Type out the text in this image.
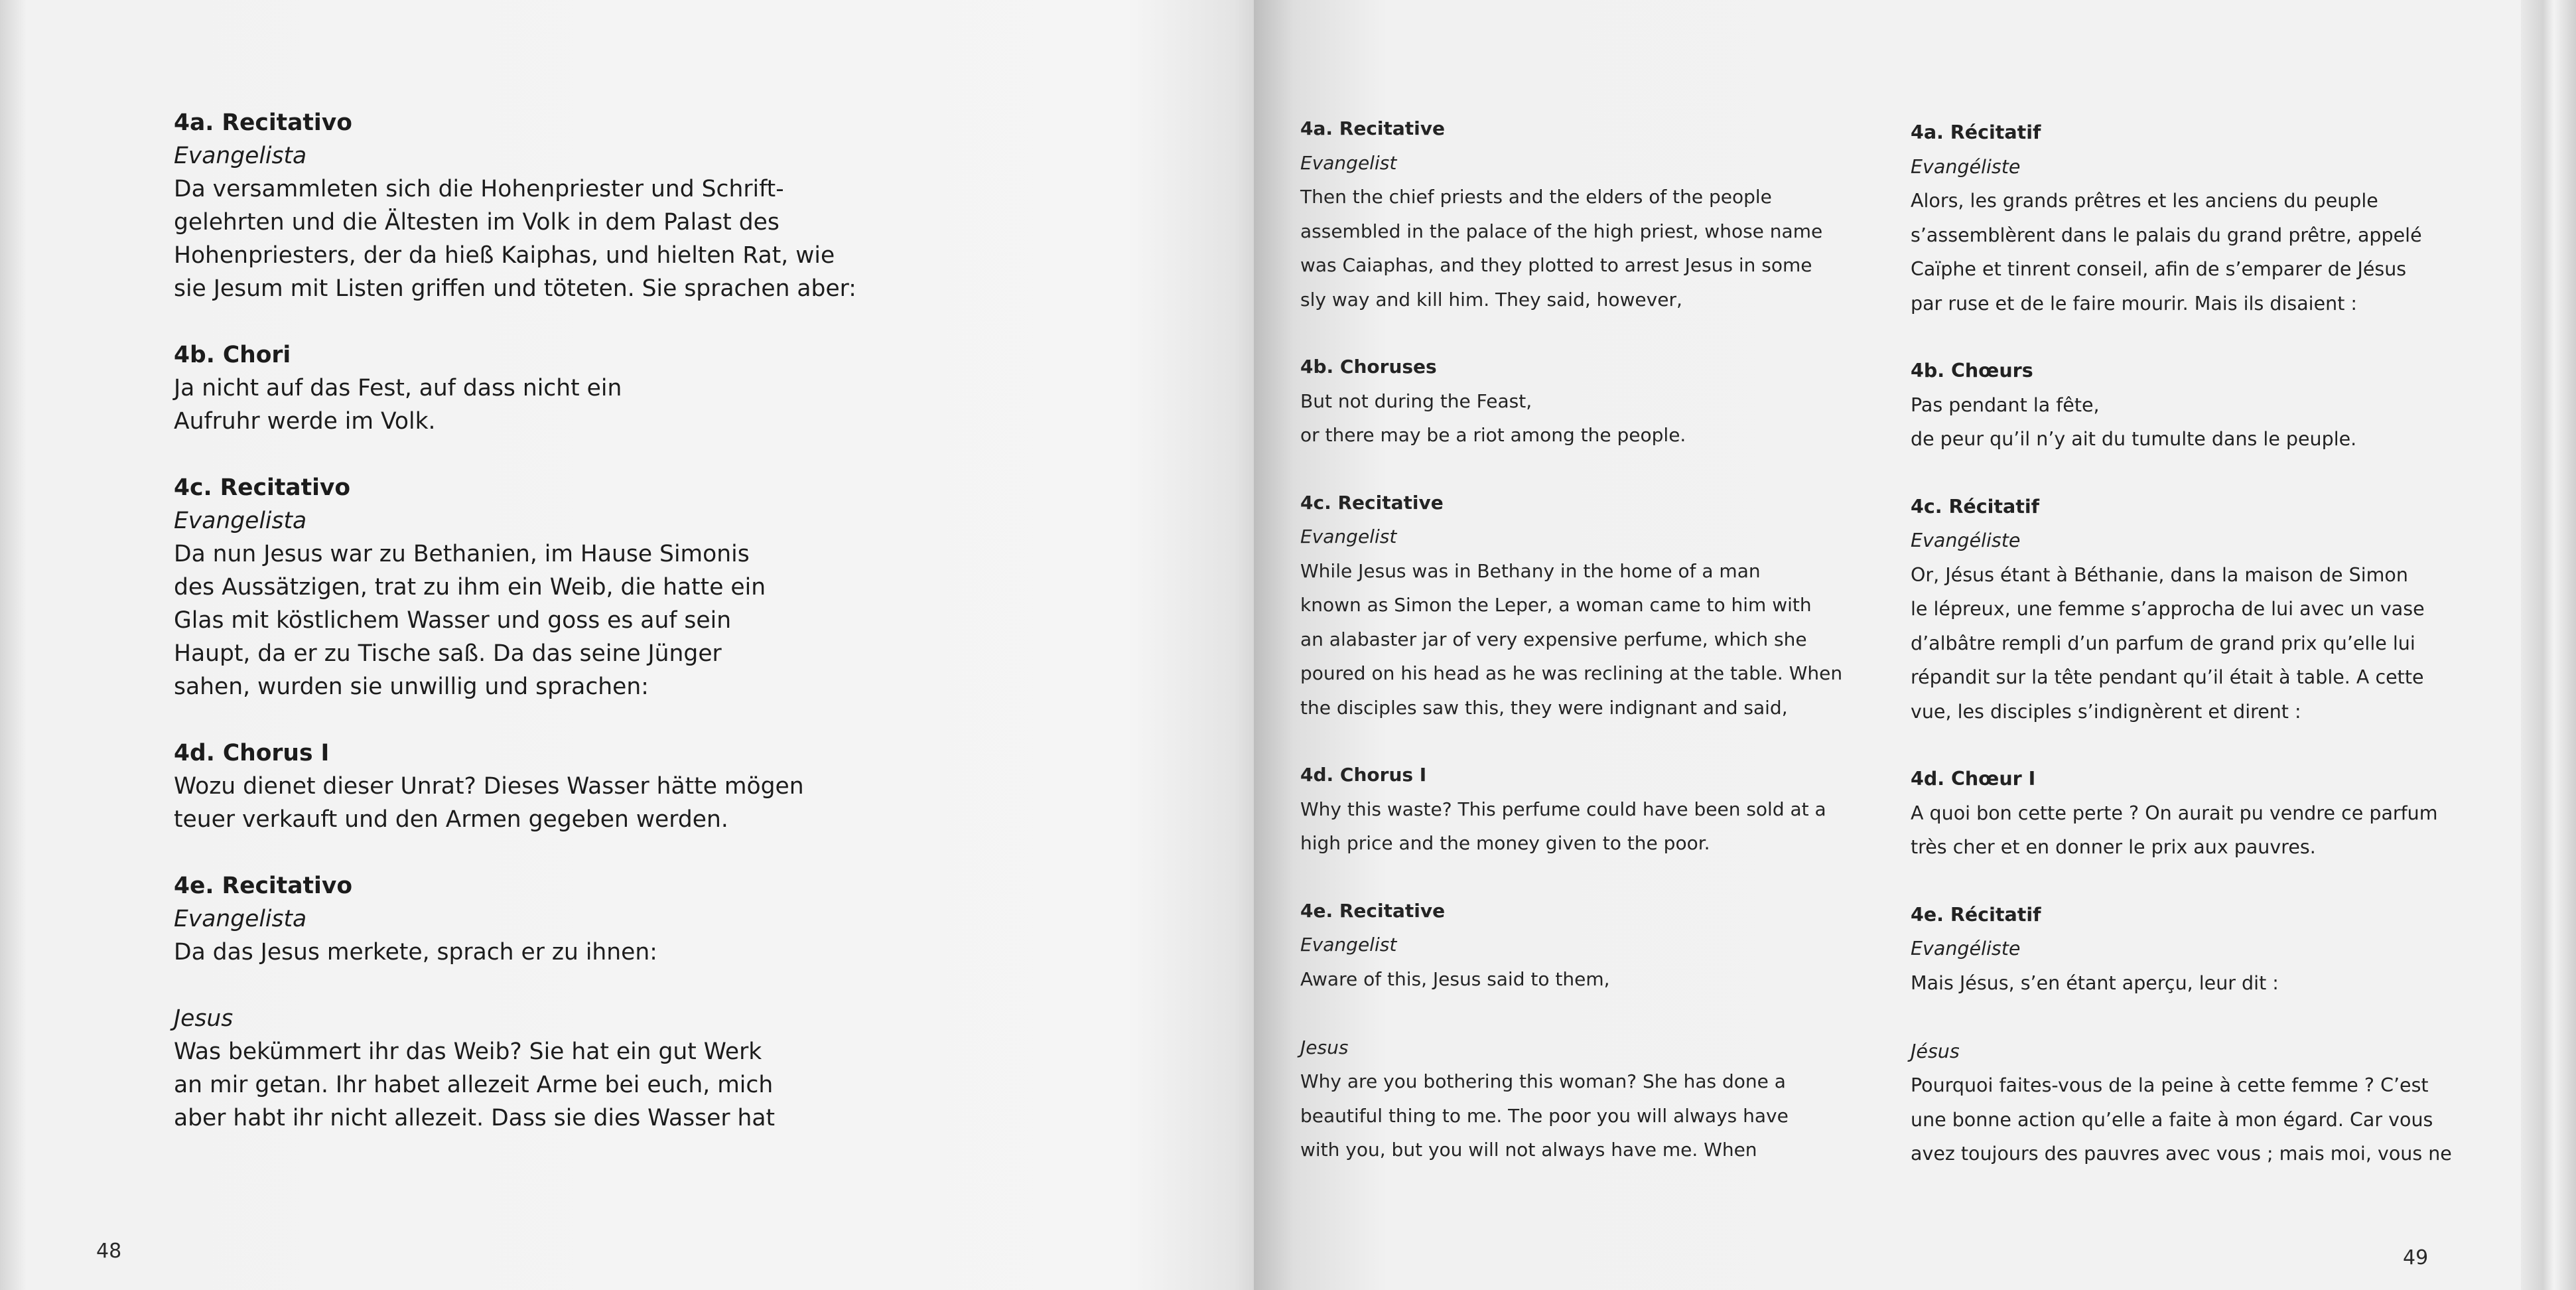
4a. Recitativo
Evangelista
Da versammleten sich die Hohenpriester und Schrift-
gelehrten und die Ältesten im Volk in dem Palast des
Hohenpriesters, der da hieß Kaiphas, und hielten Rat, wie
sie Jesum mit Listen griffen und töteten. Sie sprachen aber:
4b. Chori
Ja nicht auf das Fest, auf dass nicht ein
Aufruhr werde im Volk.
4c. Recitativo
Evangelista
Da nun Jesus war zu Bethanien, im Hause Simonis
des Aussätzigen, trat zu ihm ein Weib, die hatte ein
Glas mit köstlichem Wasser und goss es auf sein
Haupt, da er zu Tische saß. Da das seine Jünger
sahen, wurden sie unwillig und sprachen:
4d. Chorus I
Wozu dienet dieser Unrat? Dieses Wasser hätte mögen
teuer verkauft und den Armen gegeben werden.
4e. Recitativo
Evangelista
Da das Jesus merkete, sprach er zu ihnen:
Jesus
Was bekümmert ihr das Weib? Sie hat ein gut Werk
an mir getan. Ihr habet allezeit Arme bei euch, mich
aber habt ihr nicht allezeit. Dass sie dies Wasser hat
4a. Recitative
Evangelist
Then the chief priests and the elders of the people
assembled in the palace of the high priest, whose name
was Caiaphas, and they plotted to arrest Jesus in some
sly way and kill him. They said, however,
4b. Choruses
But not during the Feast,
or there may be a riot among the people.
4c. Recitative
Evangelist
While Jesus was in Bethany in the home of a man
known as Simon the Leper, a woman came to him with
an alabaster jar of very expensive perfume, which she
poured on his head as he was reclining at the table. When
the disciples saw this, they were indignant and said,
4d. Chorus I
Why this waste? This perfume could have been sold at a
high price and the money given to the poor.
4e. Recitative
Evangelist
Aware of this, Jesus said to them,
Jesus
Why are you bothering this woman? She has done a
beautiful thing to me. The poor you will always have
with you, but you will not always have me. When
4a. Récitatif
Evangéliste
Alors, les grands prêtres et les anciens du peuple
s’assemblèrent dans le palais du grand prêtre, appelé
Caïphe et tinrent conseil, afin de s’emparer de Jésus
par ruse et de le faire mourir. Mais ils disaient :
4b. Chœurs
Pas pendant la fête,
de peur qu’il n’y ait du tumulte dans le peuple.
4c. Récitatif
Evangéliste
Or, Jésus étant à Béthanie, dans la maison de Simon
le lépreux, une femme s’approcha de lui avec un vase
d’albâtre rempli d’un parfum de grand prix qu’elle lui
répandit sur la tête pendant qu’il était à table. A cette
vue, les disciples s’indignèrent et dirent :
4d. Chœur I
A quoi bon cette perte ? On aurait pu vendre ce parfum
très cher et en donner le prix aux pauvres.
4e. Récitatif
Evangéliste
Mais Jésus, s’en étant aperçu, leur dit :
Jésus
Pourquoi faites-vous de la peine à cette femme ? C’est
une bonne action qu’elle a faite à mon égard. Car vous
avez toujours des pauvres avec vous ; mais moi, vous ne
48	49
